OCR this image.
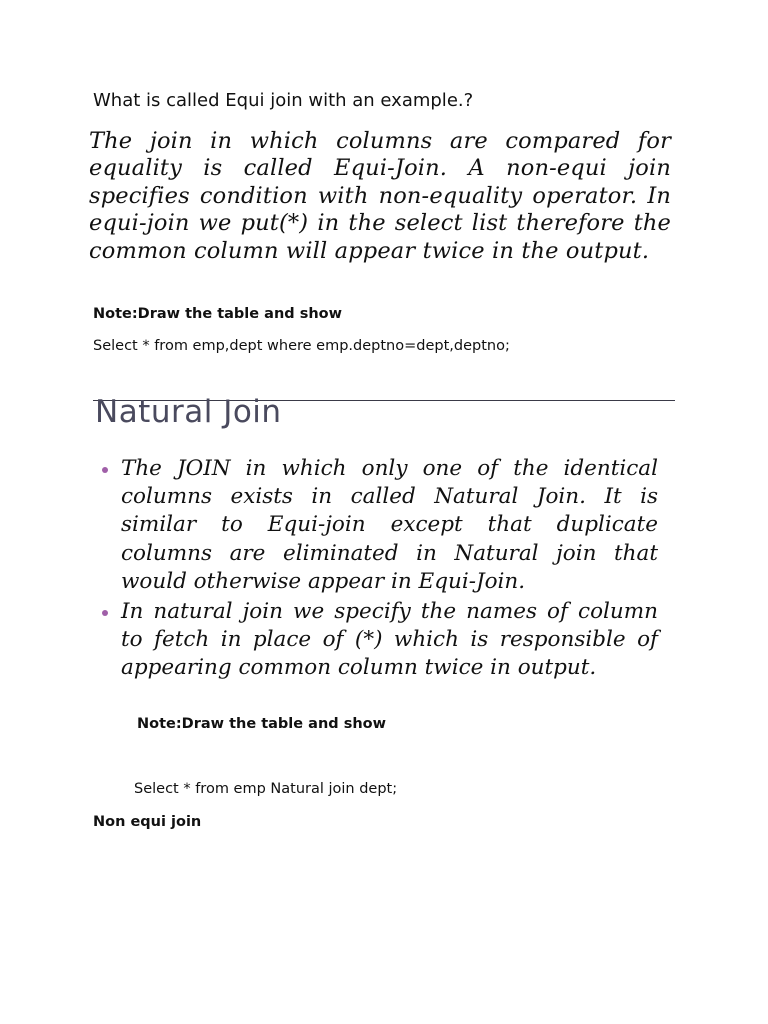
What is called Equi join with an example.?
The join in which columns are compared for equality is called Equi-Join. A non-equi join specifies condition with non-equality operator. In equi-join we put(*) in the select list therefore the common column will appear twice in the output.
Note:Draw the table and show
Select * from emp,dept where emp.deptno=dept,deptno;
Natural Join
The JOIN in which only one of the identical columns exists in called Natural Join. It is similar to Equi-join except that duplicate columns are eliminated in Natural join that would otherwise appear in Equi-Join.
In natural join we specify the names of column to fetch in place of (*) which is responsible of appearing common column twice in output.
Note:Draw the table and show
Select * from emp Natural join dept;
Non equi join
